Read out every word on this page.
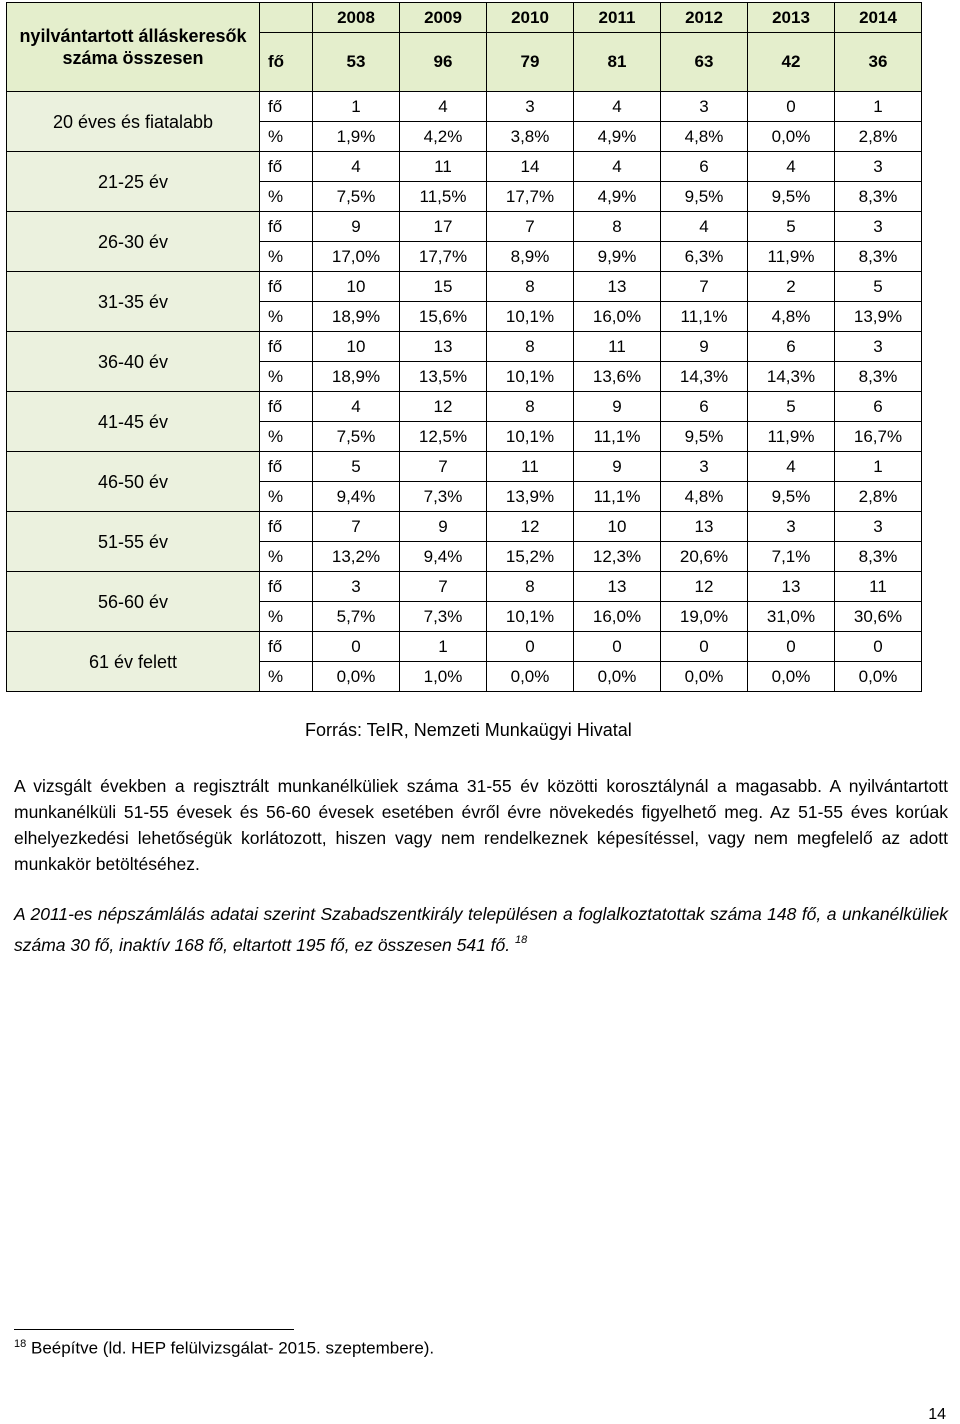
nyilvántartott álláskeresők száma összesen		2008	2009	2010	2011	2012	2013	2014
	fő	53	96	79	81	63	42	36
20 éves és fiatalabb	fő	1	4	3	4	3	0	1
	%	1,9%	4,2%	3,8%	4,9%	4,8%	0,0%	2,8%
21-25 év	fő	4	11	14	4	6	4	3
	%	7,5%	11,5%	17,7%	4,9%	9,5%	9,5%	8,3%
26-30 év	fő	9	17	7	8	4	5	3
	%	17,0%	17,7%	8,9%	9,9%	6,3%	11,9%	8,3%
31-35 év	fő	10	15	8	13	7	2	5
	%	18,9%	15,6%	10,1%	16,0%	11,1%	4,8%	13,9%
36-40 év	fő	10	13	8	11	9	6	3
	%	18,9%	13,5%	10,1%	13,6%	14,3%	14,3%	8,3%
41-45 év	fő	4	12	8	9	6	5	6
	%	7,5%	12,5%	10,1%	11,1%	9,5%	11,9%	16,7%
46-50 év	fő	5	7	11	9	3	4	1
	%	9,4%	7,3%	13,9%	11,1%	4,8%	9,5%	2,8%
51-55 év	fő	7	9	12	10	13	3	3
	%	13,2%	9,4%	15,2%	12,3%	20,6%	7,1%	8,3%
56-60 év	fő	3	7	8	13	12	13	11
	%	5,7%	7,3%	10,1%	16,0%	19,0%	31,0%	30,6%
61 év felett	fő	0	1	0	0	0	0	0
	%	0,0%	1,0%	0,0%	0,0%	0,0%	0,0%	0,0%
Forrás: TeIR, Nemzeti Munkaügyi Hivatal
A vizsgált években a regisztrált munkanélküliek száma 31-55 év közötti korosztálynál a magasabb. A nyilvántartott munkanélküli 51-55 évesek és 56-60 évesek esetében évről évre növekedés figyelhető meg. Az 51-55 éves korúak elhelyezkedési lehetőségük korlátozott, hiszen vagy nem rendelkeznek képesítéssel, vagy nem megfelelő az adott munkakör betöltéséhez.
A 2011-es népszámlálás adatai szerint Szabadszentkirály településen a foglalkoztatottak száma 148 fő, a unkanélküliek száma 30 fő, inaktív 168 fő, eltartott 195 fő, ez összesen 541 fő. $^{18}$
$^{18}$ Beépítve (ld. HEP felülvizsgálat- 2015. szeptembere).
14
